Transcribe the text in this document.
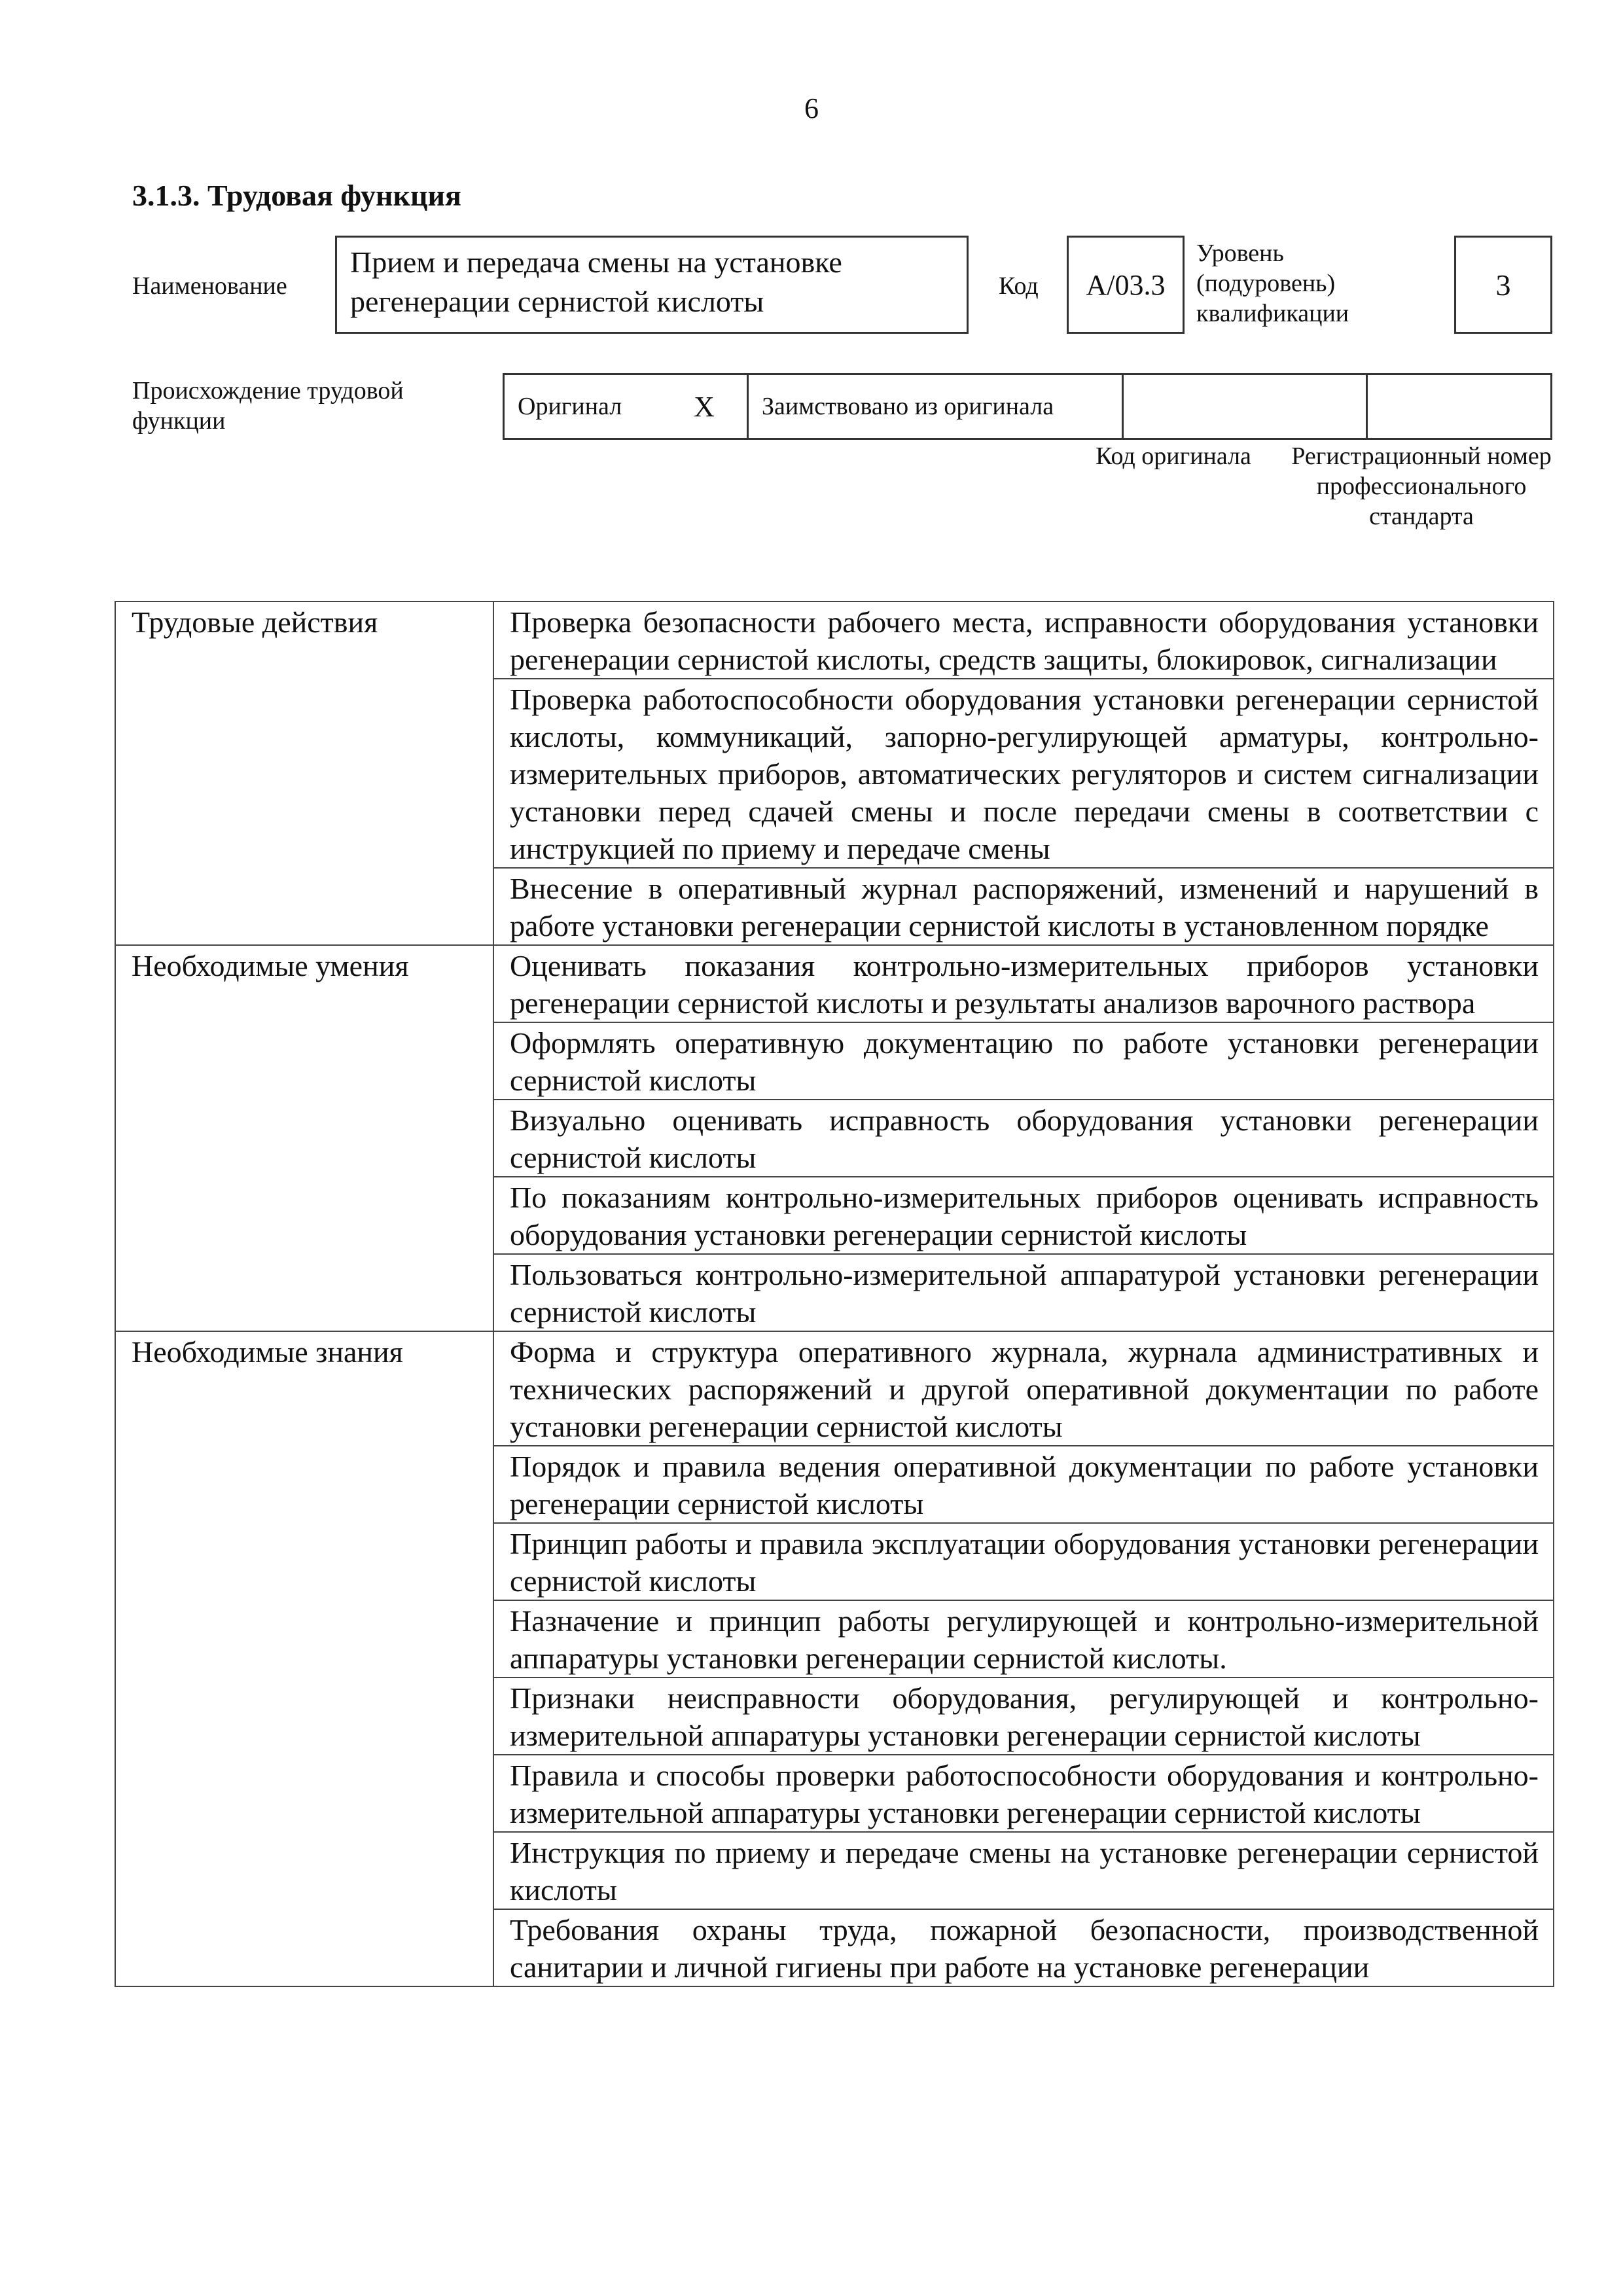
6
3.1.3. Трудовая функция
Наименование
Прием и передача смены на установке регенерации сернистой кислоты	Код	А/03.3
Уровень (подуровень) квалификации
3
Происхождение трудовой функции
Оригинал	X	Заимствовано из оригинала		
Код оригинала	Регистрационный номер профессионального стандарта
Трудовые действия	Проверка безопасности рабочего места, исправности оборудования установки регенерации сернистой кислоты, средств защиты, блокировок, сигнализации
	Проверка работоспособности оборудования установки регенерации сернистой кислоты, коммуникаций, запорно-регулирующей арматуры, контрольно-измерительных приборов, автоматических регуляторов и систем сигнализации установки перед сдачей смены и после передачи смены в соответствии с инструкцией по приему и передаче смены
	Внесение в оперативный журнал распоряжений, изменений и нарушений в работе установки регенерации сернистой кислоты в установленном порядке
Необходимые умения	Оценивать показания контрольно-измерительных приборов установки регенерации сернистой кислоты и результаты анализов варочного раствора
	Оформлять оперативную документацию по работе установки регенерации сернистой кислоты
	Визуально оценивать исправность оборудования установки регенерации сернистой кислоты
	По показаниям контрольно-измерительных приборов оценивать исправность оборудования установки регенерации сернистой кислоты
	Пользоваться контрольно-измерительной аппаратурой установки регенерации сернистой кислоты
Необходимые знания	Форма и структура оперативного журнала, журнала административных и технических распоряжений и другой оперативной документации по работе установки регенерации сернистой кислоты
	Порядок и правила ведения оперативной документации по работе установки регенерации сернистой кислоты
	Принцип работы и правила эксплуатации оборудования установки регенерации сернистой кислоты
	Назначение и принцип работы регулирующей и контрольно-измерительной аппаратуры установки регенерации сернистой кислоты.
	Признаки неисправности оборудования, регулирующей и контрольно-измерительной аппаратуры установки регенерации сернистой кислоты
	Правила и способы проверки работоспособности оборудования и контрольно-измерительной аппаратуры установки регенерации сернистой кислоты
	Инструкция по приему и передаче смены на установке регенерации сернистой кислоты
	Требования охраны труда, пожарной безопасности, производственной санитарии и личной гигиены при работе на установке регенерации
